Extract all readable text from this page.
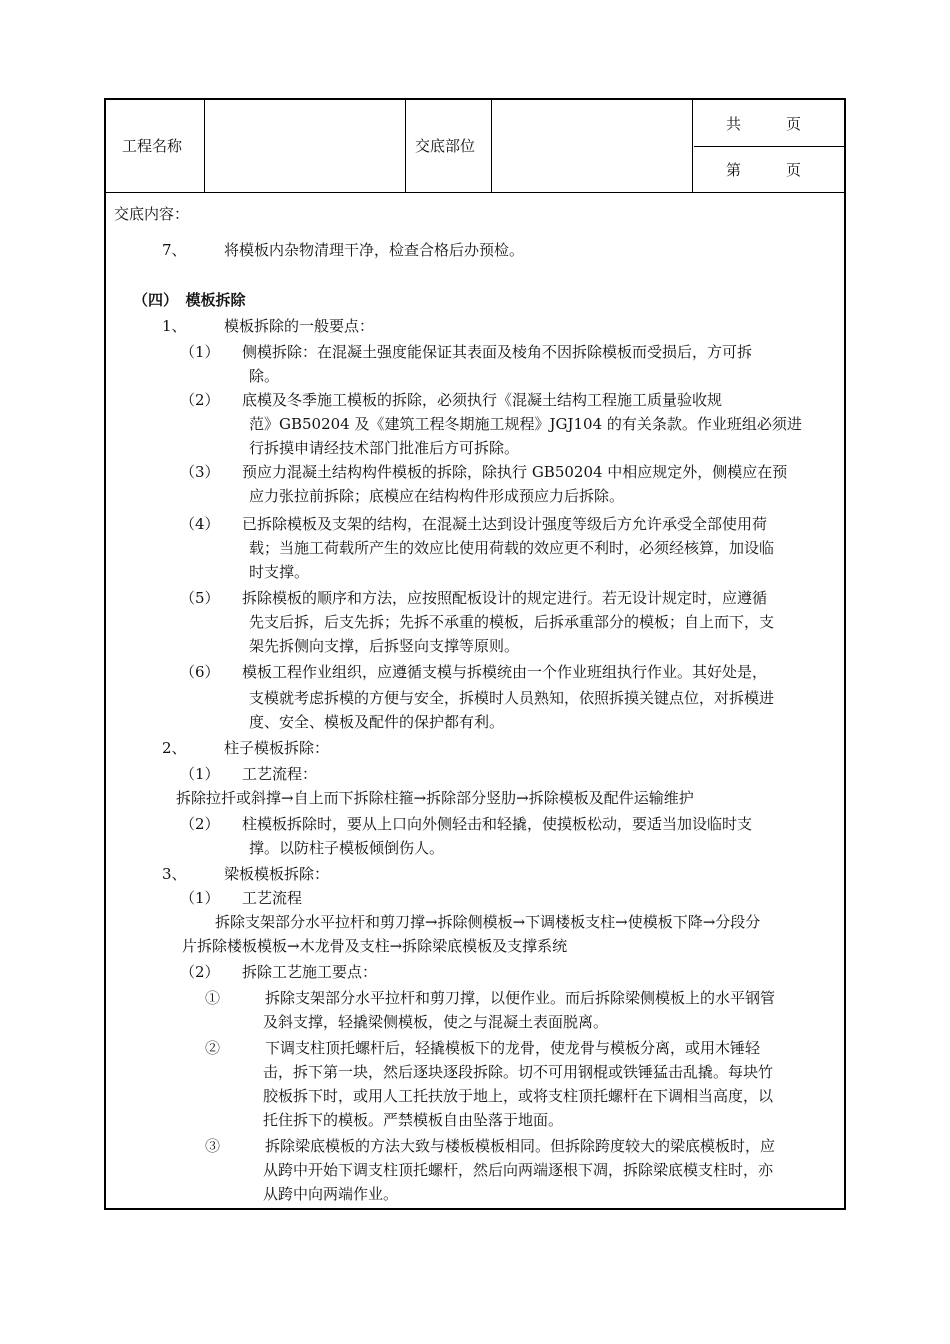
工程名称	交底部位
共　　　页
第　　　页
交底内容：
7、　　　将模板内杂物清理干净，检查合格后办预检。
（四）　模板拆除
1、　　　模板拆除的一般要点：
（1）　　侧模拆除：在混凝土强度能保证其表面及棱角不因拆除模板而受损后，方可拆
除。
（2）　　底模及冬季施工模板的拆除，必须执行《混凝土结构工程施工质量验收规
范》GB50204 及《建筑工程冬期施工规程》JGJ104 的有关条款。作业班组必须进
行拆摸申请经技术部门批准后方可拆除。
（3）　　预应力混凝土结构构件模板的拆除，除执行 GB50204 中相应规定外，侧模应在预
应力张拉前拆除；底模应在结构构件形成预应力后拆除。
（4）　　已拆除模板及支架的结构，在混凝土达到设计强度等级后方允许承受全部使用荷
载；当施工荷载所产生的效应比使用荷载的效应更不利时，必须经核算，加设临
时支撑。
（5）　　拆除模板的顺序和方法，应按照配板设计的规定进行。若无设计规定时，应遵循
先支后拆，后支先拆；先拆不承重的模板，后拆承重部分的模板；自上而下，支
架先拆侧向支撑，后拆竖向支撑等原则。
（6）　　模板工程作业组织，应遵循支模与拆模统由一个作业班组执行作业。其好处是，
支模就考虑拆模的方便与安全，拆模时人员熟知，依照拆摸关键点位，对拆模进
度、安全、模板及配件的保护都有利。
2、　　　柱子模板拆除：
（1）　　工艺流程：
拆除拉扦或斜撑→自上而下拆除柱箍→拆除部分竖肋→拆除模板及配件运输维护
（2）　　柱模板拆除时，要从上口向外侧轻击和轻撬，使摸板松动，要适当加设临时支
撑。以防柱子模板倾倒伤人。
3、　　　梁板模板拆除：
（1）　　工艺流程
拆除支架部分水平拉杆和剪刀撑→拆除侧模板→下调楼板支柱→使模板下降→分段分
片拆除楼板模板→木龙骨及支柱→拆除梁底模板及支撑系统
（2）　　拆除工艺施工要点：
①　　　拆除支架部分水平拉杆和剪刀撑，以便作业。而后拆除梁侧模板上的水平钢管
及斜支撑，轻撬梁侧模板，使之与混凝土表面脱离。
②　　　下调支柱顶托螺杆后，轻撬模板下的龙骨，使龙骨与模板分离，或用木锤轻
击，拆下第一块，然后逐块逐段拆除。切不可用钢棍或铁锤猛击乱撬。每块竹
胶板拆下时，或用人工托扶放于地上，或将支柱顶托螺杆在下调相当高度，以
托住拆下的模板。严禁模板自由坠落于地面。
③　　　拆除梁底模板的方法大致与楼板模板相同。但拆除跨度较大的梁底模板时，应
从跨中开始下调支柱顶托螺杆，然后向两端逐根下凋，拆除梁底模支柱时，亦
从跨中向两端作业。
